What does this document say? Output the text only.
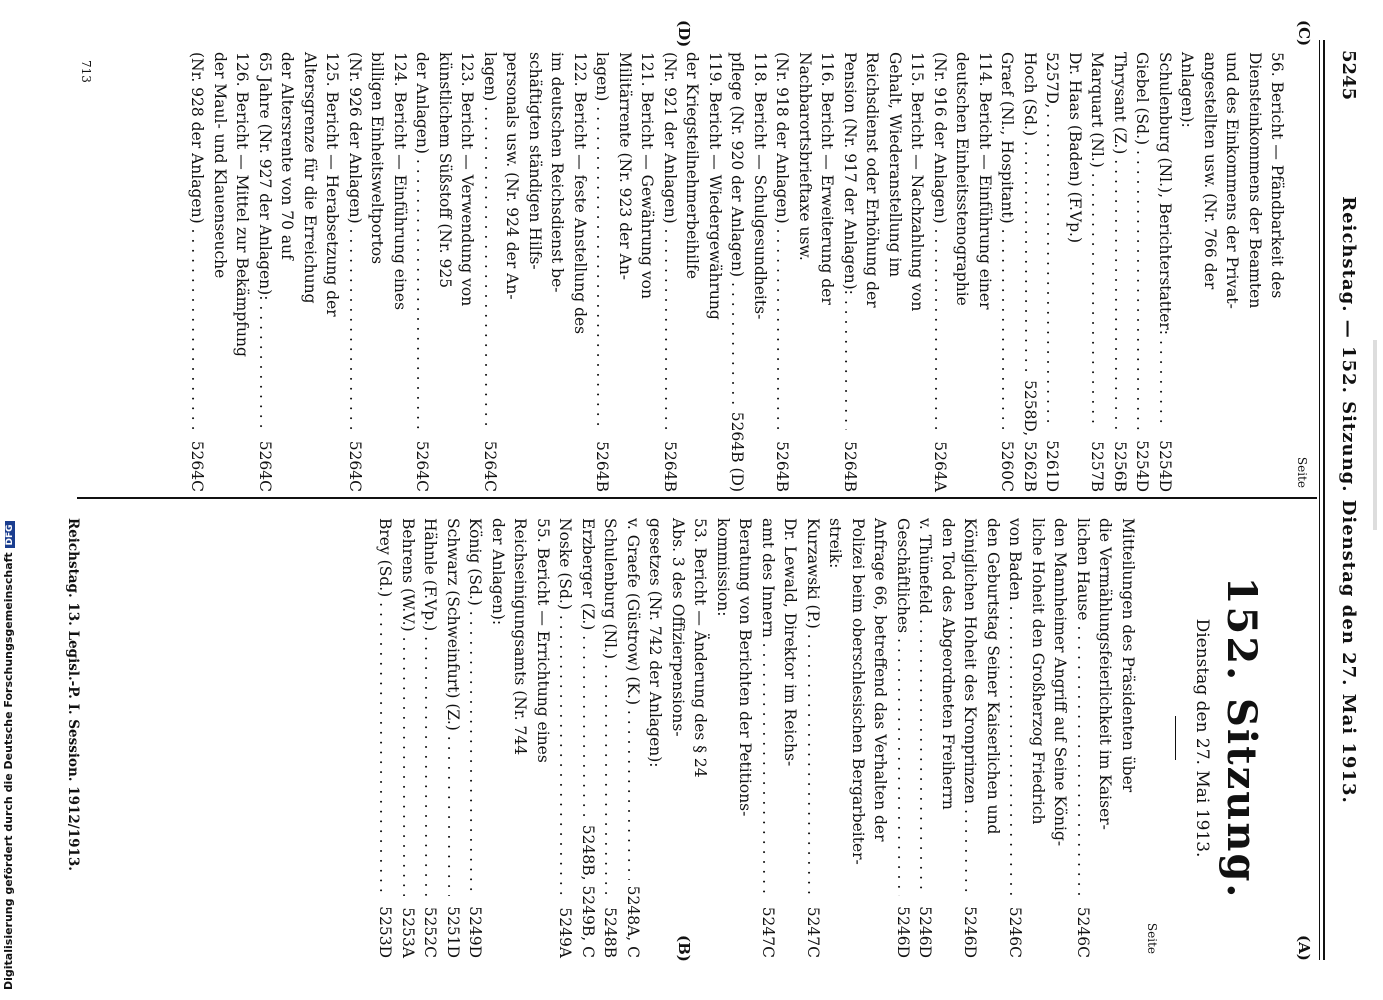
5245
Reichstag. — 152. Sitzung. Dienstag den 27. Mai 1913.
(A)
(B)
(C)
(D)
152. Sitzung.
Dienstag den 27. Mai 1913.
Seite
Mitteilungen des Präsidenten über
die Vermählungsfeierlichkeit im Kaiser-
lichen Hause . . .
5246C
den Mannheimer Angriff auf Seine König-
liche Hoheit den Großherzog Friedrich
von Baden . . .
5246C
den Geburtstag Seiner Kaiserlichen und
Königlichen Hoheit des Kronprinzen . . .
5246D
den Tod des Abgeordneten Freiherrn
v. Thünefeld . . .
5246D
Geschäftliches . . .
5246D
Anfrage 66, betreffend das Verhalten der
Polizei beim oberschlesischen Bergarbeiter-
streik:
Kurzawski (P.) . . .
5247C
Dr. Lewald, Direktor im Reichs-
amt des Innern . . .
5247C
Beratung von Berichten der Petitions-
kommission:
53. Bericht — Änderung des § 24
Abs. 3 des Offizierpensions-
gesetzes (Nr. 742 der Anlagen):
v. Graefe (Güstrow) (K.) . . .
5248A, C
Schulenburg (Nl.) . . .
5248B
Erzberger (Z.) . . .
5248B, 5249B, C
Noske (Sd.) . . .
5249A
55. Bericht — Errichtung eines
Reichseinigungsamts (Nr. 744
der Anlagen):
König (Sd.) . . .
5249D
Schwarz (Schweinfurt) (Z.) . . .
5251D
Hähnle (F.Vp.) . . .
5252C
Behrens (W.V.) . . .
5253A
Brey (Sd.) . . .
5253D
Seite
56. Bericht — Pfändbarkeit des
Diensteinkommens der Beamten
und des Einkommens der Privat-
angestellten usw. (Nr. 766 der
Anlagen):
Schulenburg (Nl.), Berichterstatter: . . .
5254D
Giebel (Sd.) . . .
5254D
Thrysant (Z.) . . .
5256B
Marquart (Nl.) . . .
5257B
Dr. Haas (Baden) (F.Vp.)
5257D, . . .
5261D
Hoch (Sd.) . . .
5258D, 5262B
Graef (Nl., Hospitant) . . .
5260C
114. Bericht — Einführung einer
deutschen Einheitsstenographie
(Nr. 916 der Anlagen) . . .
5264A
115. Bericht — Nachzahlung von
Gehalt, Wiederanstellung im
Reichsdienst oder Erhöhung der
Pension (Nr. 917 der Anlagen): . . .
5264B
116. Bericht — Erweiterung der
Nachbarortsbrieftaxe usw.
(Nr. 918 der Anlagen) . . .
5264B
118. Bericht — Schulgesundheits-
pflege (Nr. 920 der Anlagen) . . .
5264B (D)
119. Bericht — Wiedergewährung
der Kriegsteilnehmerbeihilfe
(Nr. 921 der Anlagen) . . .
5264B
121. Bericht — Gewährung von
Militärrente (Nr. 923 der An-
lagen) . . .
5264B
122. Bericht — feste Anstellung des
im deutschen Reichsdienst be-
schäftigten ständigen Hilfs-
personals usw. (Nr. 924 der An-
lagen) . . .
5264C
123. Bericht — Verwendung von
künstlichem Süßstoff (Nr. 925
der Anlagen) . . .
5264C
124. Bericht — Einführung eines
billigen Einheitsweltportos
(Nr. 926 der Anlagen) . . .
5264C
125. Bericht — Herabsetzung der
Altersgrenze für die Erreichung
der Altersrente von 70 auf
65 Jahre (Nr. 927 der Anlagen): . . .
5264C
126. Bericht — Mittel zur Bekämpfung
der Maul- und Klauenseuche
(Nr. 928 der Anlagen) . . .
5264C
Reichstag. 13. Legisl.-P. I. Session. 1912/1913.
713
Digitalisierung gefördert durch die Deutsche Forschungsgemeinschaft DFG
